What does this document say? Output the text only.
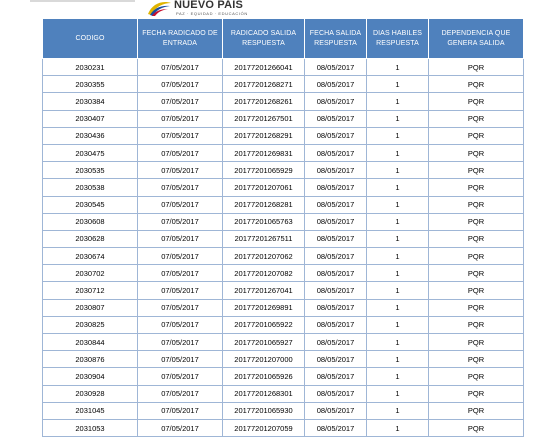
NUEVO PAÍS
PAZ · EQUIDAD · EDUCACIÓN
CODIGO	FECHA RADICADO DE ENTRADA	RADICADO SALIDA RESPUESTA	FECHA SALIDA RESPUESTA	DIAS HABILES RESPUESTA	DEPENDENCIA QUE GENERA SALIDA
2030231	07/05/2017	20177201266041	08/05/2017	1	PQR
2030355	07/05/2017	20177201268271	08/05/2017	1	PQR
2030384	07/05/2017	20177201268261	08/05/2017	1	PQR
2030407	07/05/2017	20177201267501	08/05/2017	1	PQR
2030436	07/05/2017	20177201268291	08/05/2017	1	PQR
2030475	07/05/2017	20177201269831	08/05/2017	1	PQR
2030535	07/05/2017	20177201065929	08/05/2017	1	PQR
2030538	07/05/2017	20177201207061	08/05/2017	1	PQR
2030545	07/05/2017	20177201268281	08/05/2017	1	PQR
2030608	07/05/2017	20177201065763	08/05/2017	1	PQR
2030628	07/05/2017	20177201267511	08/05/2017	1	PQR
2030674	07/05/2017	20177201207062	08/05/2017	1	PQR
2030702	07/05/2017	20177201207082	08/05/2017	1	PQR
2030712	07/05/2017	20177201267041	08/05/2017	1	PQR
2030807	07/05/2017	20177201269891	08/05/2017	1	PQR
2030825	07/05/2017	20177201065922	08/05/2017	1	PQR
2030844	07/05/2017	20177201065927	08/05/2017	1	PQR
2030876	07/05/2017	20177201207000	08/05/2017	1	PQR
2030904	07/05/2017	20177201065926	08/05/2017	1	PQR
2030928	07/05/2017	20177201268301	08/05/2017	1	PQR
2031045	07/05/2017	20177201065930	08/05/2017	1	PQR
2031053	07/05/2017	20177201207059	08/05/2017	1	PQR
